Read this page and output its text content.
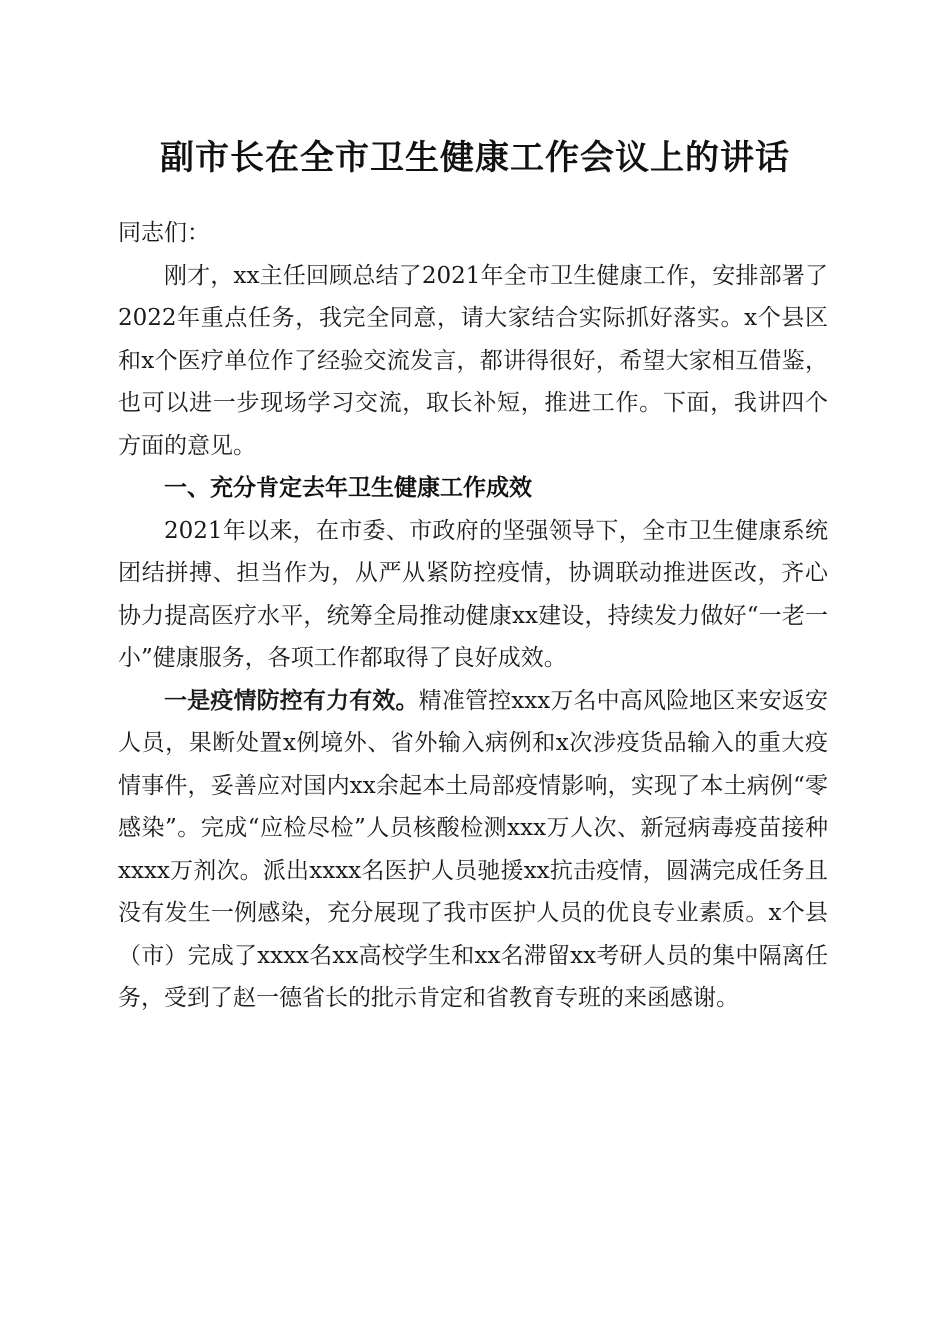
副市长在全市卫生健康工作会议上的讲话

同志们：

刚才，xx主任回顾总结了2021年全市卫生健康工作，安排部署了2022年重点任务，我完全同意，请大家结合实际抓好落实。x个县区和x个医疗单位作了经验交流发言，都讲得很好，希望大家相互借鉴，也可以进一步现场学习交流，取长补短，推进工作。下面，我讲四个方面的意见。

一、充分肯定去年卫生健康工作成效

2021年以来，在市委、市政府的坚强领导下，全市卫生健康系统团结拼搏、担当作为，从严从紧防控疫情，协调联动推进医改，齐心协力提高医疗水平，统筹全局推动健康xx建设，持续发力做好“一老一小”健康服务，各项工作都取得了良好成效。

一是疫情防控有力有效。精准管控xxx万名中高风险地区来安返安人员，果断处置x例境外、省外输入病例和x次涉疫货品输入的重大疫情事件，妥善应对国内xx余起本土局部疫情影响，实现了本土病例“零感染”。完成“应检尽检”人员核酸检测xxx万人次、新冠病毒疫苗接种xxxx万剂次。派出xxxx名医护人员驰援xx抗击疫情，圆满完成任务且没有发生一例感染，充分展现了我市医护人员的优良专业素质。x个县（市）完成了xxxx名xx高校学生和xx名滞留xx考研人员的集中隔离任务，受到了赵一德省长的批示肯定和省教育专班的来函感谢。
